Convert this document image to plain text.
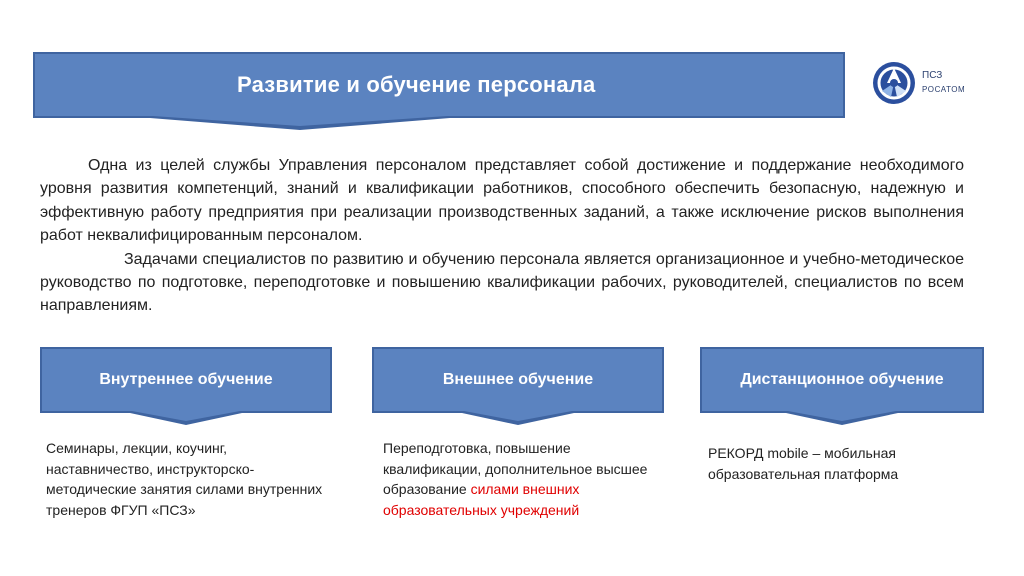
Развитие и обучение персонала	ПСЗ
РОСАТОМ

Одна из целей службы Управления персоналом представляет собой достижение и поддержание необходимого уровня развития компетенций, знаний и квалификации работников, способного обеспечить безопасную, надежную и эффективную работу предприятия при реализации производственных заданий, а также исключение рисков выполнения работ неквалифицированным персоналом.

Задачами специалистов по развитию и обучению персонала является организационное и учебно-методическое руководство по подготовке, переподготовке и повышению квалификации рабочих, руководителей, специалистов по всем направлениям.

Внутреннее обучение
Семинары, лекции, коучинг, наставничество, инструкторско-методические занятия силами внутренних тренеров ФГУП «ПСЗ»
Внешнее обучение
Переподготовка, повышение квалификации, дополнительное высшее образование силами внешних образовательных учреждений
Дистанционное обучение
РЕКОРД mobile – мобильная образовательная платформа
